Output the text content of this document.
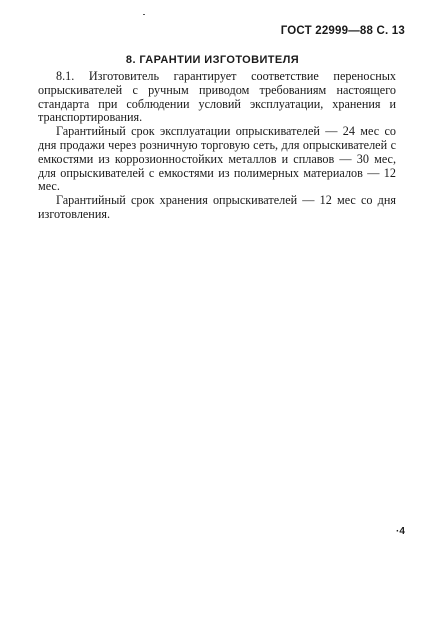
ГОСТ 22999—88 С. 13
8. ГАРАНТИИ ИЗГОТОВИТЕЛЯ

8.1. Изготовитель гарантирует соответствие переносных опрыскивателей с ручным приводом требованиям настоящего стандарта при соблюдении условий эксплуатации, хранения и транспортирования.

Гарантийный срок эксплуатации опрыскивателей — 24 мес со дня продажи через розничную торговую сеть, для опрыскивателей с емкостями из коррозионностойких металлов и сплавов — 30 мес, для опрыскивателей с емкостями из полимерных материалов — 12 мес.

Гарантийный срок хранения опрыскивателей — 12 мес со дня изготовления.

·4
